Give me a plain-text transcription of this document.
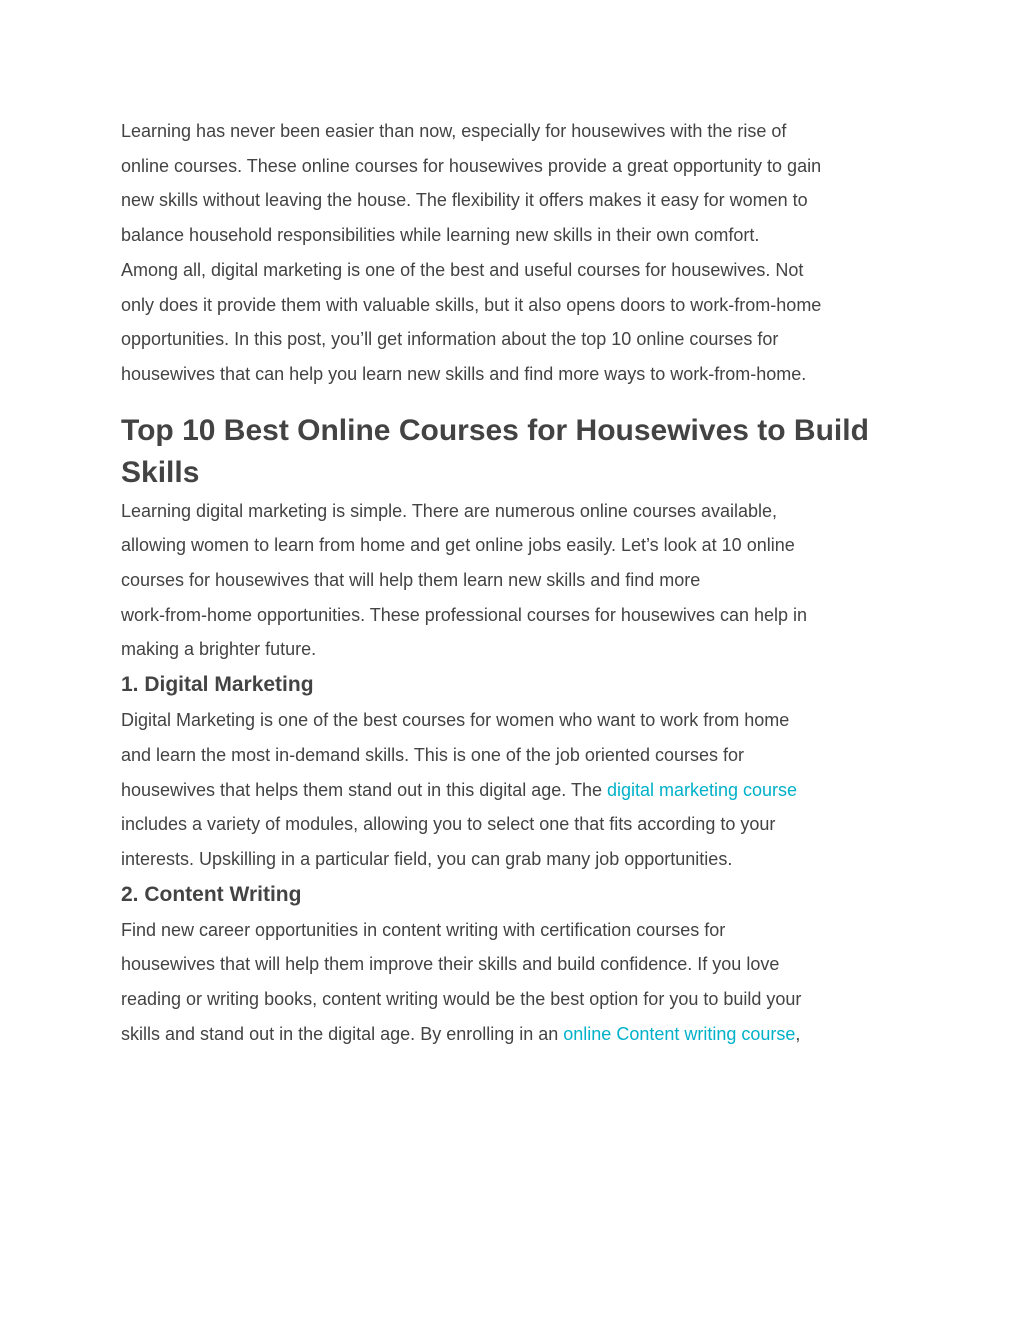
Learning has never been easier than now, especially for housewives with the rise of
online courses. These online courses for housewives provide a great opportunity to gain
new skills without leaving the house. The flexibility it offers makes it easy for women to
balance household responsibilities while learning new skills in their own comfort.

Among all, digital marketing is one of the best and useful courses for housewives. Not
only does it provide them with valuable skills, but it also opens doors to work-from-home
opportunities. In this post, you’ll get information about the top 10 online courses for
housewives that can help you learn new skills and find more ways to work-from-home.

Top 10 Best Online Courses for Housewives to Build
Skills

Learning digital marketing is simple. There are numerous online courses available,
allowing women to learn from home and get online jobs easily. Let’s look at 10 online
courses for housewives that will help them learn new skills and find more
work-from-home opportunities. These professional courses for housewives can help in
making a brighter future.

1. Digital Marketing

Digital Marketing is one of the best courses for women who want to work from home
and learn the most in-demand skills. This is one of the job oriented courses for
housewives that helps them stand out in this digital age. The digital marketing course
includes a variety of modules, allowing you to select one that fits according to your
interests. Upskilling in a particular field, you can grab many job opportunities.

2. Content Writing

Find new career opportunities in content writing with certification courses for
housewives that will help them improve their skills and build confidence. If you love
reading or writing books, content writing would be the best option for you to build your
skills and stand out in the digital age. By enrolling in an online Content writing course,
